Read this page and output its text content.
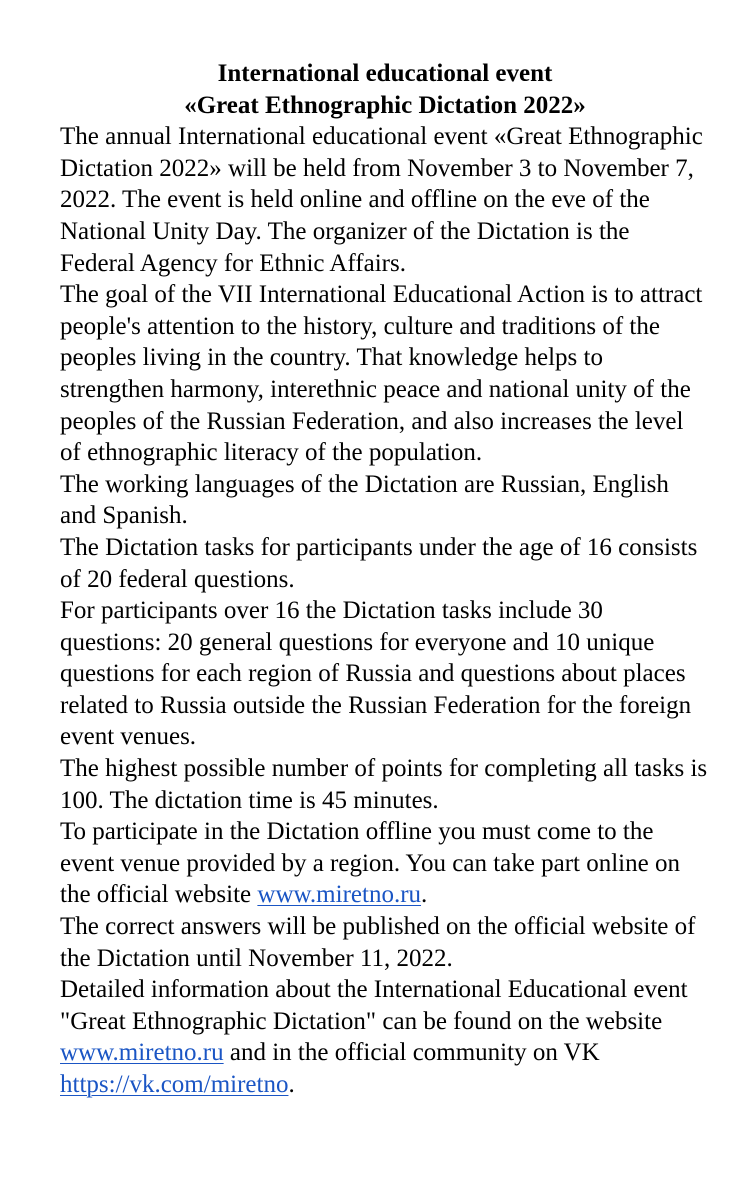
International educational event
«Great Ethnographic Dictation 2022»

The annual International educational event «Great Ethnographic Dictation 2022» will be held from November 3 to November 7, 2022. The event is held online and offline on the eve of the National Unity Day. The organizer of the Dictation is the Federal Agency for Ethnic Affairs.

The goal of the VII International Educational Action is to attract people's attention to the history, culture and traditions of the peoples living in the country. That knowledge helps to strengthen harmony, interethnic peace and national unity of the peoples of the Russian Federation, and also increases the level of ethnographic literacy of the population.

The working languages of the Dictation are Russian, English and Spanish.

The Dictation tasks for participants under the age of 16 consists of 20 federal questions.

For participants over 16 the Dictation tasks include 30 questions: 20 general questions for everyone and 10 unique questions for each region of Russia and questions about places related to Russia outside the Russian Federation for the foreign event venues.

The highest possible number of points for completing all tasks is 100. The dictation time is 45 minutes.

To participate in the Dictation offline you must come to the event venue provided by a region. You can take part online on the official website www.miretno.ru.

The correct answers will be published on the official website of the Dictation until November 11, 2022.

Detailed information about the International Educational event "Great Ethnographic Dictation" can be found on the website www.miretno.ru and in the official community on VK https://vk.com/miretno.
